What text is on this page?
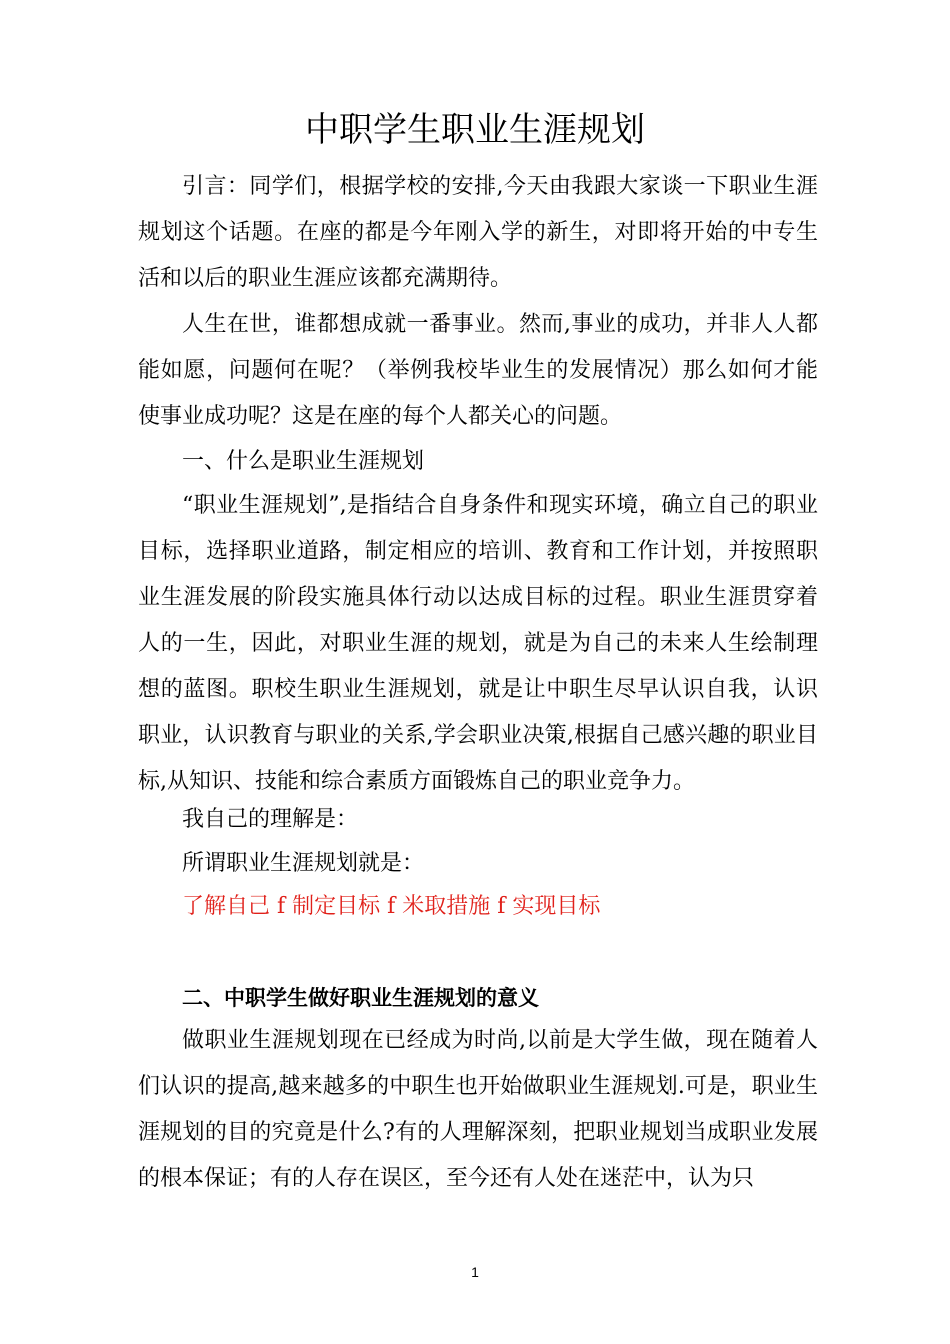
中职学生职业生涯规划

引言：同学们，根据学校的安排,今天由我跟大家谈一下职业生涯规划这个话题。在座的都是今年刚入学的新生，对即将开始的中专生活和以后的职业生涯应该都充满期待。

人生在世，谁都想成就一番事业。然而,事业的成功，并非人人都能如愿，问题何在呢？（举例我校毕业生的发展情况）那么如何才能使事业成功呢？这是在座的每个人都关心的问题。

一、什么是职业生涯规划

“职业生涯规划”,是指结合自身条件和现实环境，确立自己的职业目标，选择职业道路，制定相应的培训、教育和工作计划，并按照职业生涯发展的阶段实施具体行动以达成目标的过程。职业生涯贯穿着人的一生，因此，对职业生涯的规划，就是为自己的未来人生绘制理想的蓝图。职校生职业生涯规划，就是让中职生尽早认识自我，认识职业，认识教育与职业的关系,学会职业决策,根据自己感兴趣的职业目标,从知识、技能和综合素质方面锻炼自己的职业竞争力。

我自己的理解是：
所谓职业生涯规划就是：
了解自己 f 制定目标 f 米取措施 f 实现目标
二、中职学生做好职业生涯规划的意义

做职业生涯规划现在已经成为时尚,以前是大学生做，现在随着人们认识的提高,越来越多的中职生也开始做职业生涯规划.可是，职业生涯规划的目的究竟是什么?有的人理解深刻，把职业规划当成职业发展的根本保证；有的人存在误区，至今还有人处在迷茫中，认为只

1
